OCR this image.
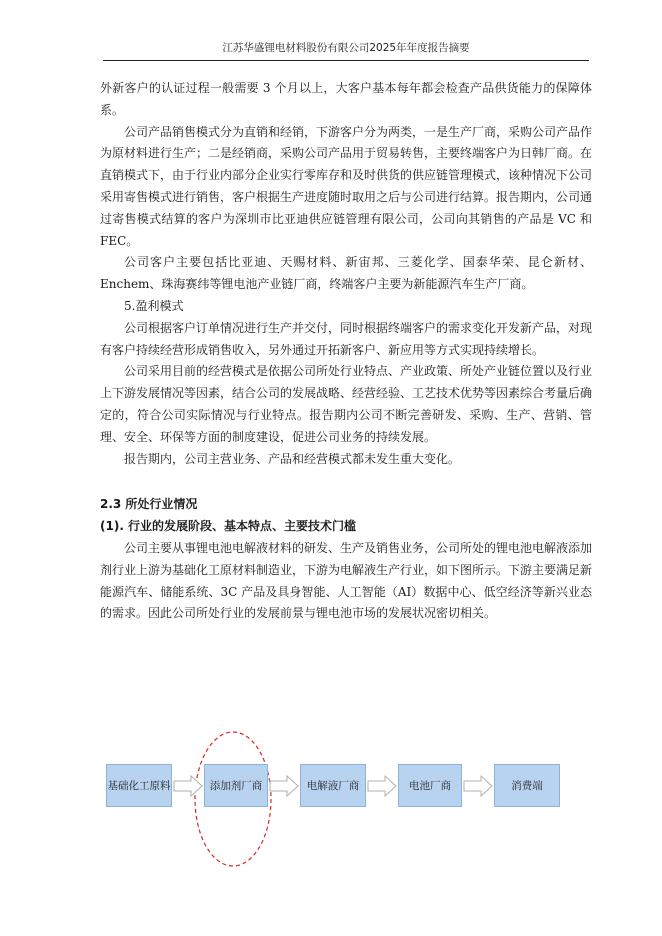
江苏华盛锂电材料股份有限公司2025年年度报告摘要

外新客户的认证过程一般需要 3 个月以上，大客户基本每年都会检查产品供货能力的保障体系。

公司产品销售模式分为直销和经销，下游客户分为两类，一是生产厂商，采购公司产品作为原材料进行生产；二是经销商，采购公司产品用于贸易转售，主要终端客户为日韩厂商。在直销模式下，由于行业内部分企业实行零库存和及时供货的供应链管理模式，该种情况下公司采用寄售模式进行销售，客户根据生产进度随时取用之后与公司进行结算。报告期内，公司通过寄售模式结算的客户为深圳市比亚迪供应链管理有限公司，公司向其销售的产品是 VC 和 FEC。

公司客户主要包括比亚迪、天赐材料、新宙邦、三菱化学、国泰华荣、昆仑新材、Enchem、珠海赛纬等锂电池产业链厂商，终端客户主要为新能源汽车生产厂商。

5.盈利模式

公司根据客户订单情况进行生产并交付，同时根据终端客户的需求变化开发新产品，对现有客户持续经营形成销售收入，另外通过开拓新客户、新应用等方式实现持续增长。

公司采用目前的经营模式是依据公司所处行业特点、产业政策、所处产业链位置以及行业上下游发展情况等因素，结合公司的发展战略、经营经验、工艺技术优势等因素综合考量后确定的，符合公司实际情况与行业特点。报告期内公司不断完善研发、采购、生产、营销、管理、安全、环保等方面的制度建设，促进公司业务的持续发展。

报告期内，公司主营业务、产品和经营模式都未发生重大变化。

2.3 所处行业情况
(1). 行业的发展阶段、基本特点、主要技术门槛

公司主要从事锂电池电解液材料的研发、生产及销售业务，公司所处的锂电池电解液添加剂行业上游为基础化工原材料制造业，下游为电解液生产行业，如下图所示。下游主要满足新能源汽车、储能系统、3C 产品及具身智能、人工智能（AI）数据中心、低空经济等新兴业态的需求。因此公司所处行业的发展前景与锂电池市场的发展状况密切相关。

基础化工原料	添加剂厂商	电解液厂商	电池厂商	消费端
